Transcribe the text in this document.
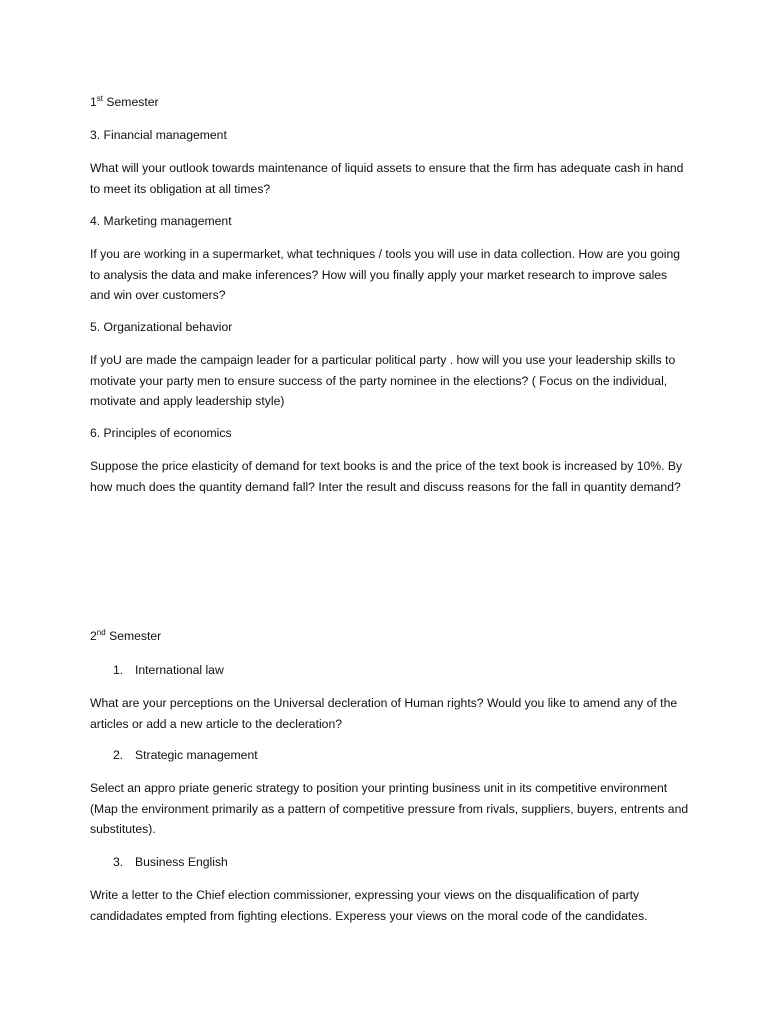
1st Semester

3. Financial management

What will your outlook towards maintenance of liquid assets to ensure that the firm has adequate cash in hand to meet its obligation at all times?

4. Marketing management

If you are working in a supermarket, what techniques / tools you will use in data collection. How are you going to analysis the data and make inferences? How will you finally apply your market research to improve sales and win over customers?

5. Organizational behavior

If yoU are made the campaign leader for a particular political party . how will you use your leadership skills to motivate your party men to ensure success of the party nominee in the elections? ( Focus on the individual, motivate and apply leadership style)

6. Principles of economics

Suppose the price elasticity of demand for text books is and the price of the text book is increased by 10%. By how much does the quantity demand fall? Inter the result and discuss reasons for the fall in quantity demand?

2nd Semester

1. International law

What are your perceptions on the Universal decleration of Human rights? Would you like to amend any of the articles or add a new article to the decleration?

2. Strategic management

Select an appro priate generic strategy to position your printing business unit in its competitive environment (Map the environment primarily as a pattern of competitive pressure from rivals, suppliers, buyers, entrents and substitutes).

3. Business English

Write a letter to the Chief election commissioner, expressing your views on the disqualification of party candidadates empted from fighting elections. Experess your views on the moral code of the candidates.
